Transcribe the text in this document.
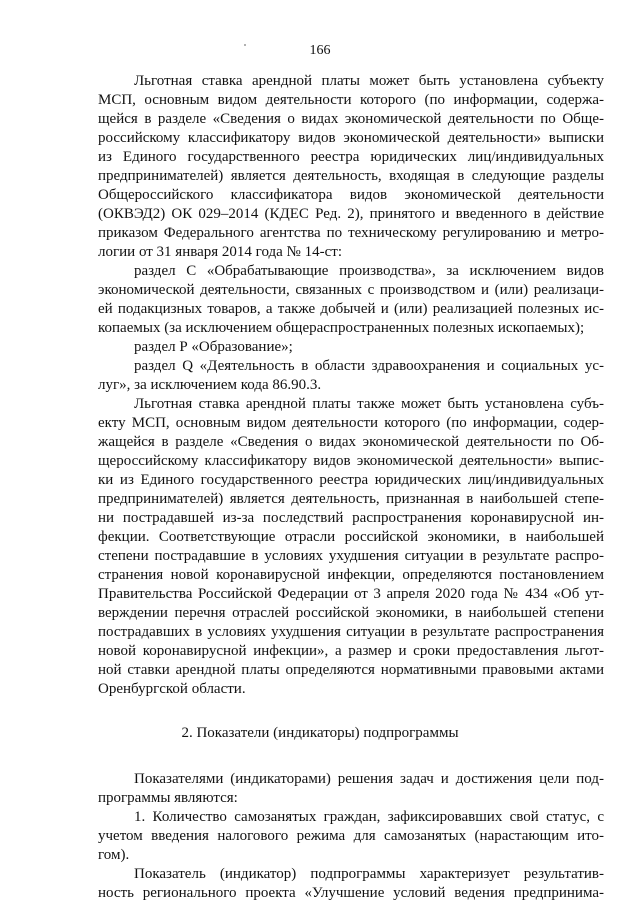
166
Льготная ставка арендной платы может быть установлена субъекту
МСП, основным видом деятельности которого (по информации, содержа-
щейся в разделе «Сведения о видах экономической деятельности по Обще-
российскому классификатору видов экономической деятельности» выписки
из Единого государственного реестра юридических лиц/индивидуальных
предпринимателей) является деятельность, входящая в следующие разделы
Общероссийского классификатора видов экономической деятельности
(ОКВЭД2) ОК 029–2014 (КДЕС Ред. 2), принятого и введенного в действие
приказом Федерального агентства по техническому регулированию и метро-
логии от 31 января 2014 года № 14-ст:
раздел С «Обрабатывающие производства», за исключением видов
экономической деятельности, связанных с производством и (или) реализаци-
ей подакцизных товаров, а также добычей и (или) реализацией полезных ис-
копаемых (за исключением общераспространенных полезных ископаемых);
раздел Р «Образование»;
раздел Q «Деятельность в области здравоохранения и социальных ус-
луг», за исключением кода 86.90.3.
Льготная ставка арендной платы также может быть установлена субъ-
екту МСП, основным видом деятельности которого (по информации, содер-
жащейся в разделе «Сведения о видах экономической деятельности по Об-
щероссийскому классификатору видов экономической деятельности» выпис-
ки из Единого государственного реестра юридических лиц/индивидуальных
предпринимателей) является деятельность, признанная в наибольшей степе-
ни пострадавшей из-за последствий распространения коронавирусной ин-
фекции. Соответствующие отрасли российской экономики, в наибольшей
степени пострадавшие в условиях ухудшения ситуации в результате распро-
странения новой коронавирусной инфекции, определяются постановлением
Правительства Российской Федерации от 3 апреля 2020 года № 434 «Об ут-
верждении перечня отраслей российской экономики, в наибольшей степени
пострадавших в условиях ухудшения ситуации в результате распространения
новой коронавирусной инфекции», а размер и сроки предоставления льгот-
ной ставки арендной платы определяются нормативными правовыми актами
Оренбургской области.
2. Показатели (индикаторы) подпрограммы
Показателями (индикаторами) решения задач и достижения цели под-
программы являются:
1. Количество самозанятых граждан, зафиксировавших свой статус, с
учетом введения налогового режима для самозанятых (нарастающим ито-
гом).
Показатель (индикатор) подпрограммы характеризует результатив-
ность регионального проекта «Улучшение условий ведения предпринима-
